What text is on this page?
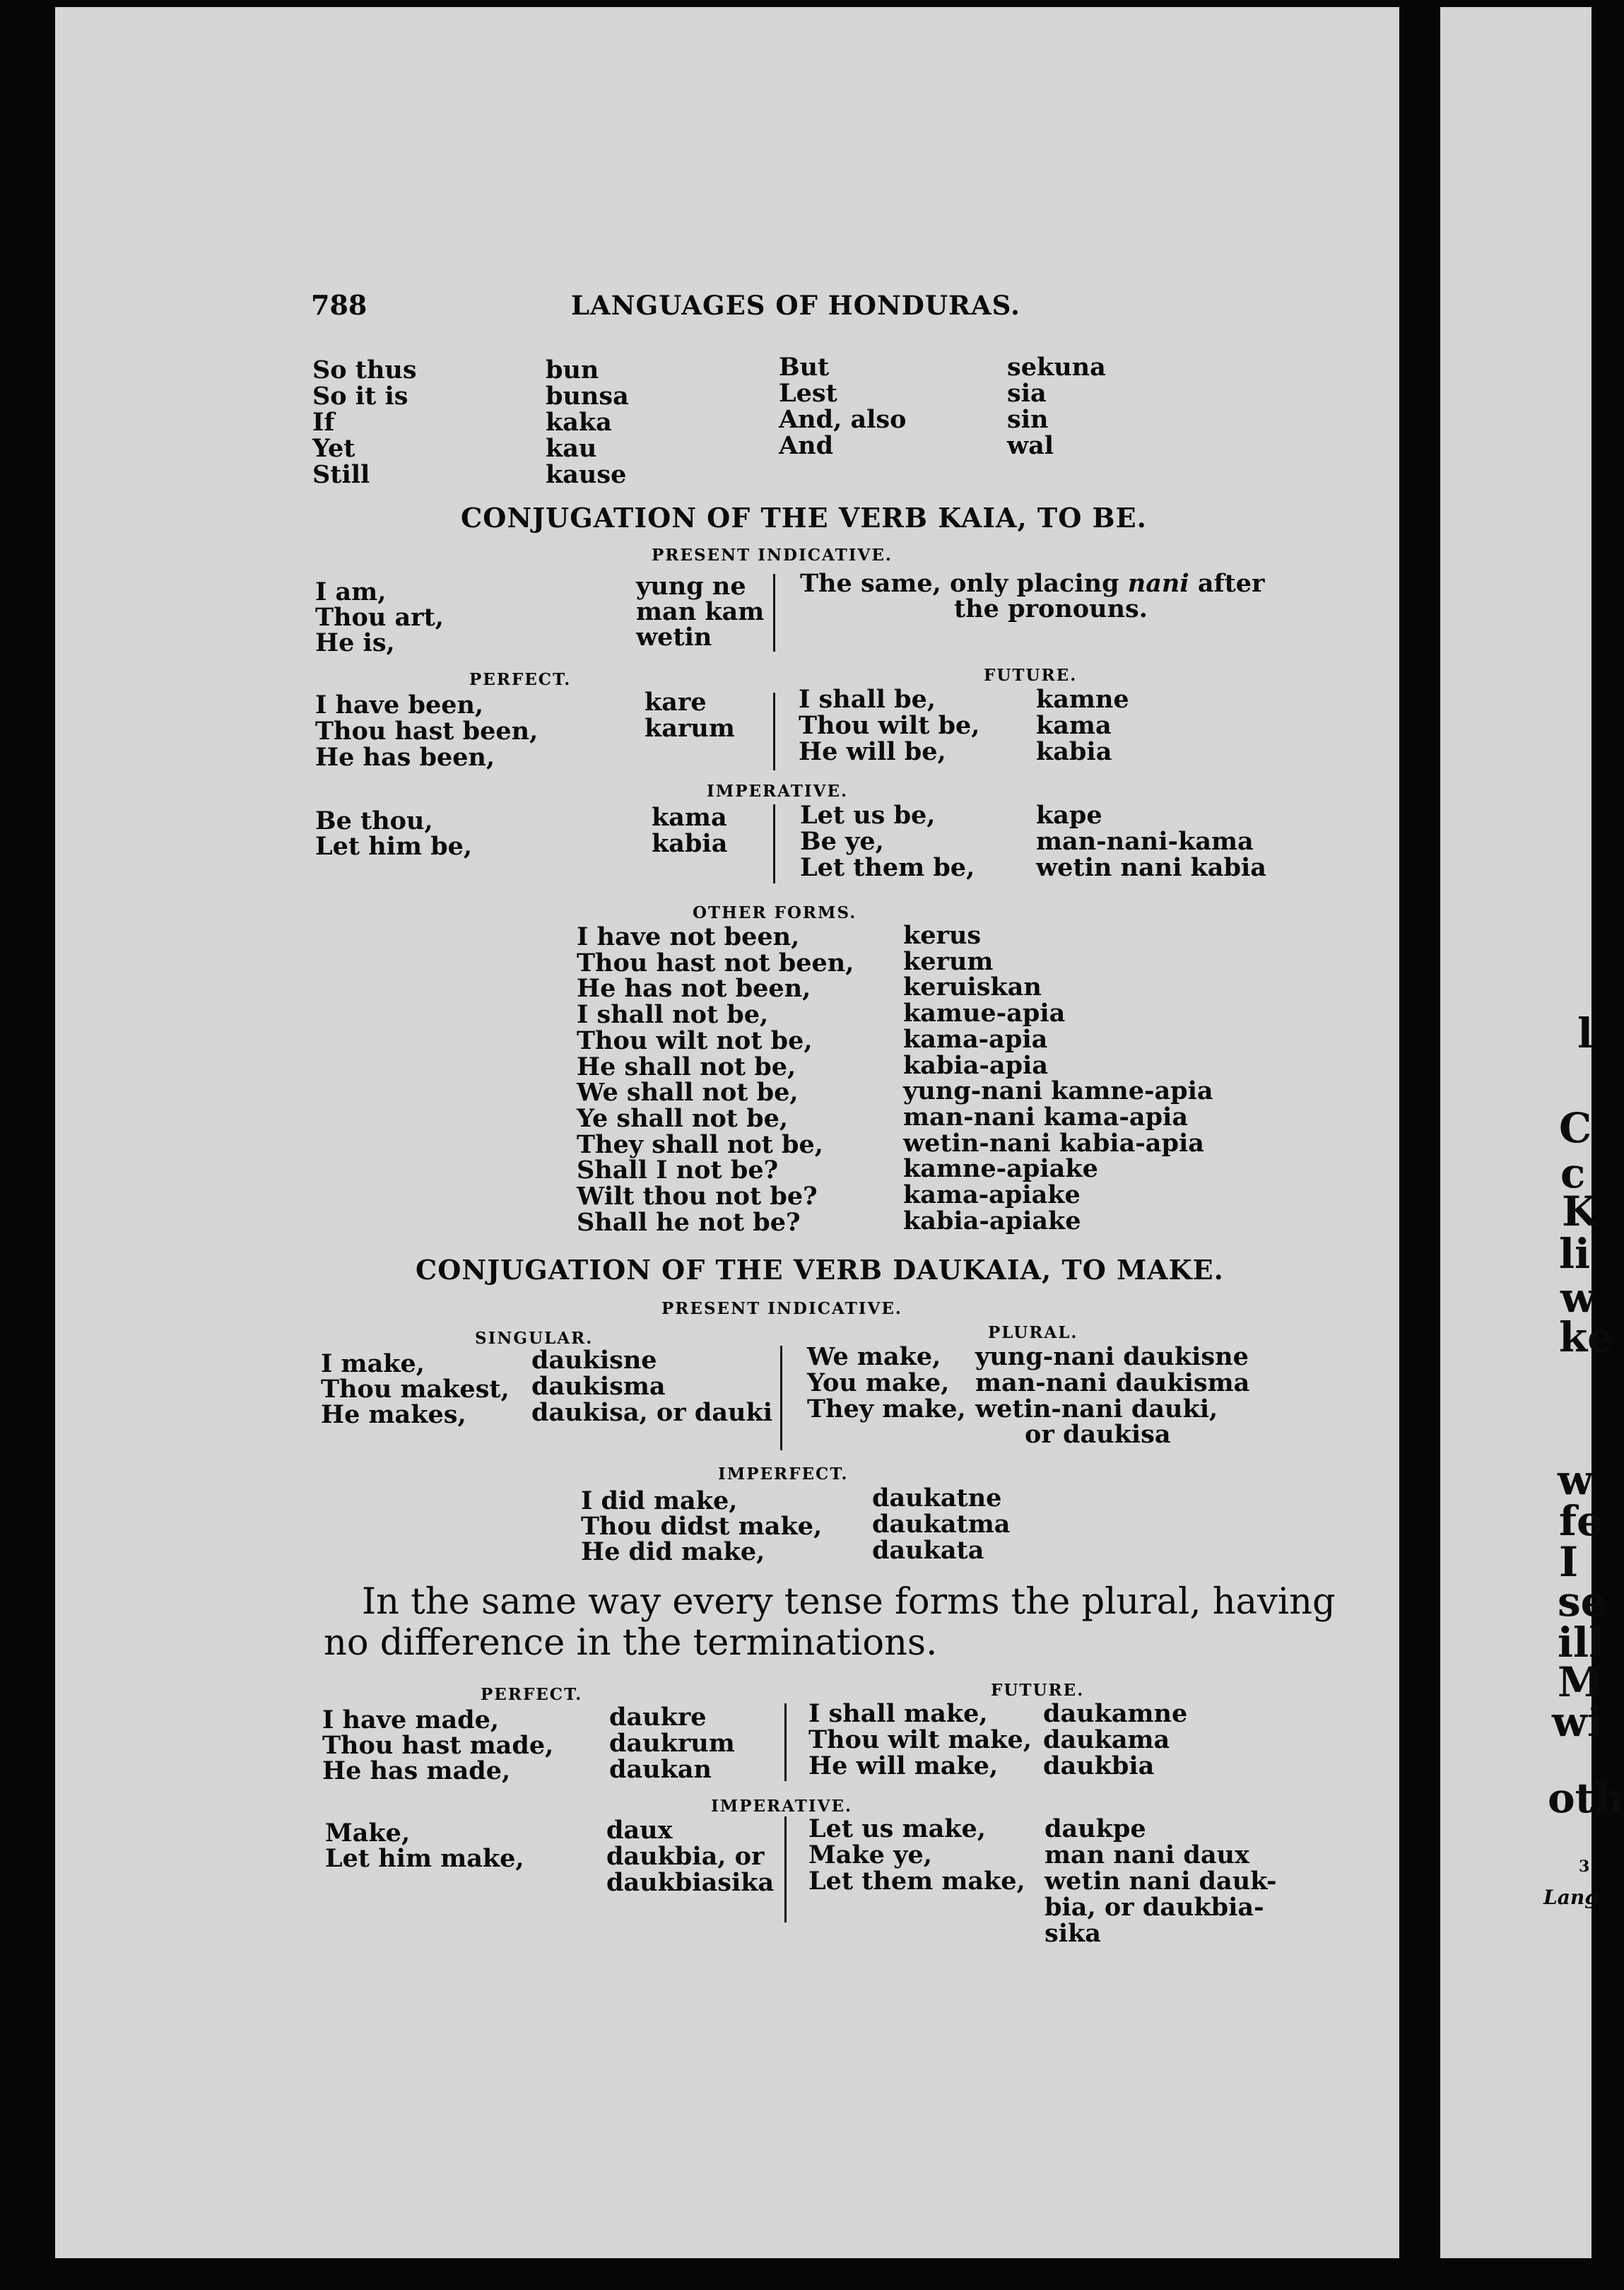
788	LANGUAGES OF HONDURAS.
So thus	bun
So it is	bunsa
If	kaka
Yet	kau
Still	kause
But	sekuna
Lest	sia
And, also	sin
And	wal
CONJUGATION OF THE VERB KAIA, TO BE.
PRESENT INDICATIVE.
I am,	yung ne
Thou art,	man kam
He is,	wetin
The same, only placing nani after
the pronouns.
PERFECT.	FUTURE.
I have been,	kare
Thou hast been,	karum
He has been,
I shall be,	kamne
Thou wilt be, kama
He will be,	kabia
IMPERATIVE.
Be thou,	kama
Let him be,	kabia
Let us be,	kape
Be ye,	man-nani-kama
Let them be, wetin nani kabia
OTHER FORMS.
I have not been,	kerus
Thou hast not been, kerum
He has not been,	keruiskan
I shall not be,	kamue-apia
Thou wilt not be,	kama-apia
He shall not be,	kabia-apia
We shall not be,	yung-nani kamne-apia
Ye shall not be,	man-nani kama-apia
They shall not be,	wetin-nani kabia-apia
Shall I not be?	kamne-apiake
Wilt thou not be?	kama-apiake
Shall he not be?	kabia-apiake
CONJUGATION OF THE VERB DAUKAIA, TO MAKE.
PRESENT INDICATIVE.
SINGULAR.	PLURAL.
I make,	daukisne
Thou makest, daukisma
He makes,	daukisa, or dauki
We make, yung-nani daukisne
You make, man-nani daukisma
They make, wetin-nani dauki,
or daukisa
IMPERFECT.
I did make,	daukatne
Thou didst make, daukatma
He did make,	daukata
In the same way every tense forms the plural, having
no difference in the terminations.
PERFECT.	FUTURE.
I have made,	daukre
Thou hast made, daukrum
He has made,	daukan
I shall make, daukamne
Thou wilt make, daukama
He will make, daukbia
IMPERATIVE.
Make,	daux
Let him make,	daukbia, or
daukbiasika
Let us make, daukpe
Make ye,	man nani daux
Let them make, wetin nani dauk-
bia, or daukbia-
sika
l
C
c
K
li
w
ke
w
fe
I
se
ill
M
wi
oth
3
Lang
